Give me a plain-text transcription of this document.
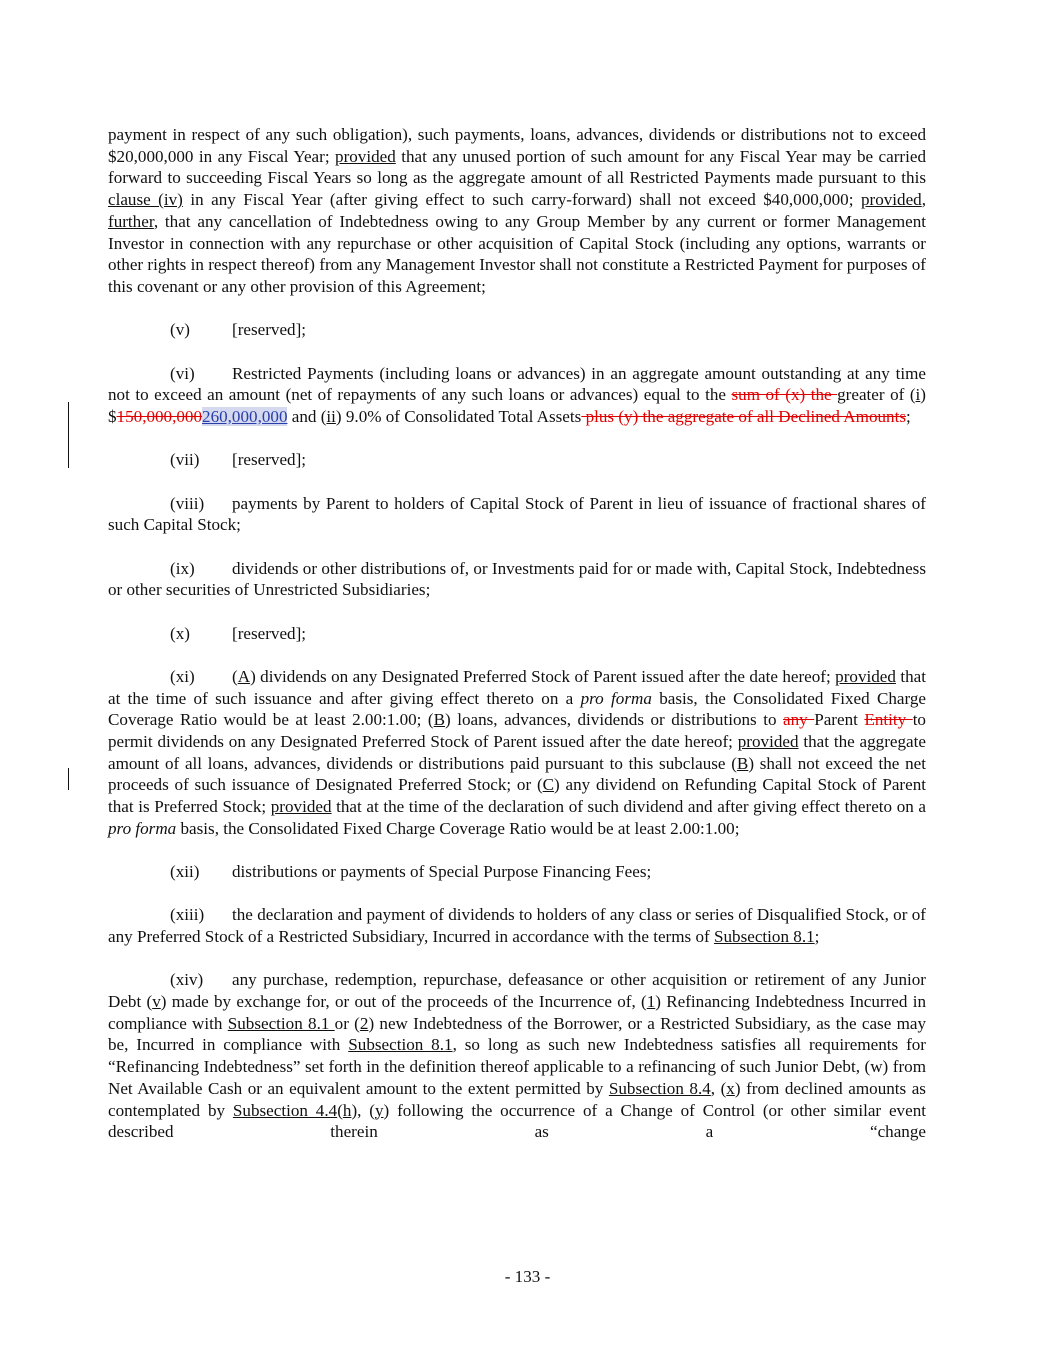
payment in respect of any such obligation), such payments, loans, advances, dividends or distributions not to exceed $20,000,000 in any Fiscal Year; provided that any unused portion of such amount for any Fiscal Year may be carried forward to succeeding Fiscal Years so long as the aggregate amount of all Restricted Payments made pursuant to this clause (iv) in any Fiscal Year (after giving effect to such carry-forward) shall not exceed $40,000,000; provided, further, that any cancellation of Indebtedness owing to any Group Member by any current or former Management Investor in connection with any repurchase or other acquisition of Capital Stock (including any options, warrants or other rights in respect thereof) from any Management Investor shall not constitute a Restricted Payment for purposes of this covenant or any other provision of this Agreement;

(v) [reserved];

(vi) Restricted Payments (including loans or advances) in an aggregate amount outstanding at any time not to exceed an amount (net of repayments of any such loans or advances) equal to the sum of (x) the greater of (i) $150,000,000260,000,000 and (ii) 9.0% of Consolidated Total Assets plus (y) the aggregate of all Declined Amounts;

(vii) [reserved];

(viii) payments by Parent to holders of Capital Stock of Parent in lieu of issuance of fractional shares of such Capital Stock;

(ix) dividends or other distributions of, or Investments paid for or made with, Capital Stock, Indebtedness or other securities of Unrestricted Subsidiaries;

(x) [reserved];

(xi) (A) dividends on any Designated Preferred Stock of Parent issued after the date hereof; provided that at the time of such issuance and after giving effect thereto on a pro forma basis, the Consolidated Fixed Charge Coverage Ratio would be at least 2.00:1.00; (B) loans, advances, dividends or distributions to any Parent Entity to permit dividends on any Designated Preferred Stock of Parent issued after the date hereof; provided that the aggregate amount of all loans, advances, dividends or distributions paid pursuant to this subclause (B) shall not exceed the net proceeds of such issuance of Designated Preferred Stock; or (C) any dividend on Refunding Capital Stock of Parent that is Preferred Stock; provided that at the time of the declaration of such dividend and after giving effect thereto on a pro forma basis, the Consolidated Fixed Charge Coverage Ratio would be at least 2.00:1.00;

(xii) distributions or payments of Special Purpose Financing Fees;

(xiii) the declaration and payment of dividends to holders of any class or series of Disqualified Stock, or of any Preferred Stock of a Restricted Subsidiary, Incurred in accordance with the terms of Subsection 8.1;

(xiv) any purchase, redemption, repurchase, defeasance or other acquisition or retirement of any Junior Debt (v) made by exchange for, or out of the proceeds of the Incurrence of, (1) Refinancing Indebtedness Incurred in compliance with Subsection 8.1 or (2) new Indebtedness of the Borrower, or a Restricted Subsidiary, as the case may be, Incurred in compliance with Subsection 8.1, so long as such new Indebtedness satisfies all requirements for “Refinancing Indebtedness” set forth in the definition thereof applicable to a refinancing of such Junior Debt, (w) from Net Available Cash or an equivalent amount to the extent permitted by Subsection 8.4, (x) from declined amounts as contemplated by Subsection 4.4(h), (y) following the occurrence of a Change of Control (or other similar event described therein as a “change

- 133 -
